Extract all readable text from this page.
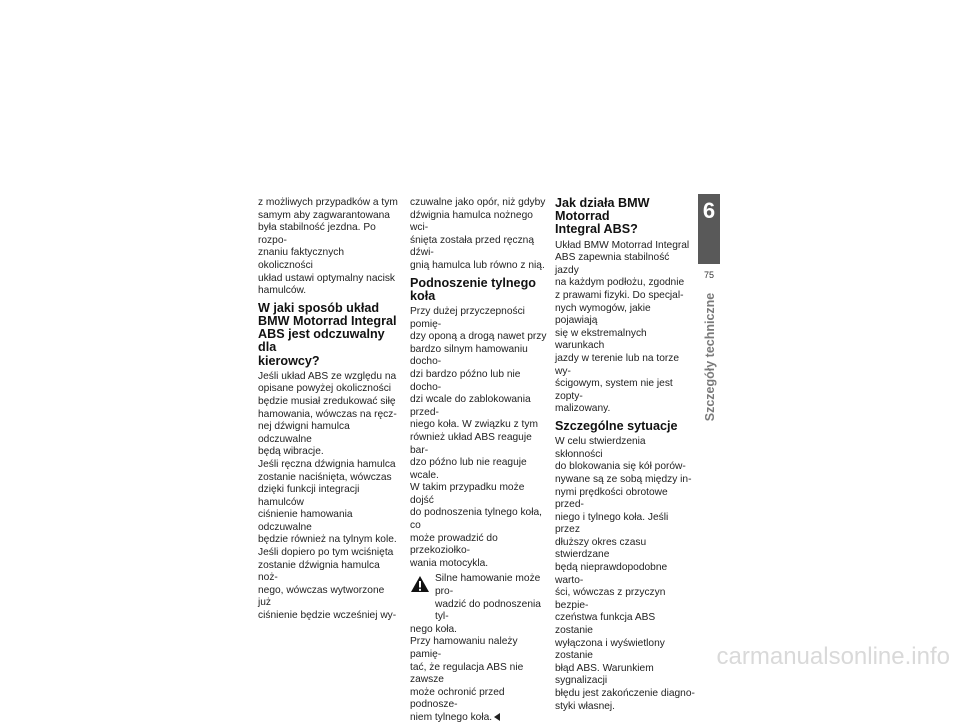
z możliwych przypadków a tym
samym aby zagwarantowana
była stabilność jezdna. Po rozpo-
znaniu faktycznych okoliczności
układ ustawi optymalny nacisk
hamulców.

W jaki sposób układ
BMW Motorrad Integral
ABS jest odczuwalny dla
kierowcy?

Jeśli układ ABS ze względu na
opisane powyżej okoliczności
będzie musiał zredukować siłę
hamowania, wówczas na ręcz-
nej dźwigni hamulca odczuwalne
będą wibracje.
Jeśli ręczna dźwignia hamulca
zostanie naciśnięta, wówczas
dzięki funkcji integracji hamulców
ciśnienie hamowania odczuwalne
będzie również na tylnym kole.
Jeśli dopiero po tym wciśnięta
zostanie dźwignia hamulca noż-
nego, wówczas wytworzone już
ciśnienie będzie wcześniej wy-

czuwalne jako opór, niż gdyby
dźwignia hamulca nożnego wci-
śnięta została przed ręczną dźwi-
gnią hamulca lub równo z nią.

Podnoszenie tylnego koła

Przy dużej przyczepności pomię-
dzy oponą a drogą nawet przy
bardzo silnym hamowaniu docho-
dzi bardzo późno lub nie docho-
dzi wcale do zablokowania przed-
niego koła. W związku z tym
również układ ABS reaguje bar-
dzo późno lub nie reaguje wcale.
W takim przypadku może dojść
do podnoszenia tylnego koła, co
może prowadzić do przekoziołko-
wania motocykla.

Silne hamowanie może pro-
wadzić do podnoszenia tyl-

nego koła.
Przy hamowaniu należy pamię-
tać, że regulacja ABS nie zawsze
może ochronić przed podnosze-
niem tylnego koła.

Jak działa BMW Motorrad
Integral ABS?

Układ BMW Motorrad Integral
ABS zapewnia stabilność jazdy
na każdym podłożu, zgodnie
z prawami fizyki. Do specjal-
nych wymogów, jakie pojawiają
się w ekstremalnych warunkach
jazdy w terenie lub na torze wy-
ścigowym, system nie jest zopty-
malizowany.

Szczególne sytuacje

W celu stwierdzenia skłonności
do blokowania się kół porów-
nywane są ze sobą między in-
nymi prędkości obrotowe przed-
niego i tylnego koła. Jeśli przez
dłuższy okres czasu stwierdzane
będą nieprawdopodobne warto-
ści, wówczas z przyczyn bezpie-
czeństwa funkcja ABS zostanie
wyłączona i wyświetlony zostanie
błąd ABS. Warunkiem sygnalizacji
błędu jest zakończenie diagno-
styki własnej.

6
75
Szczegóły techniczne
carmanualsonline.info
